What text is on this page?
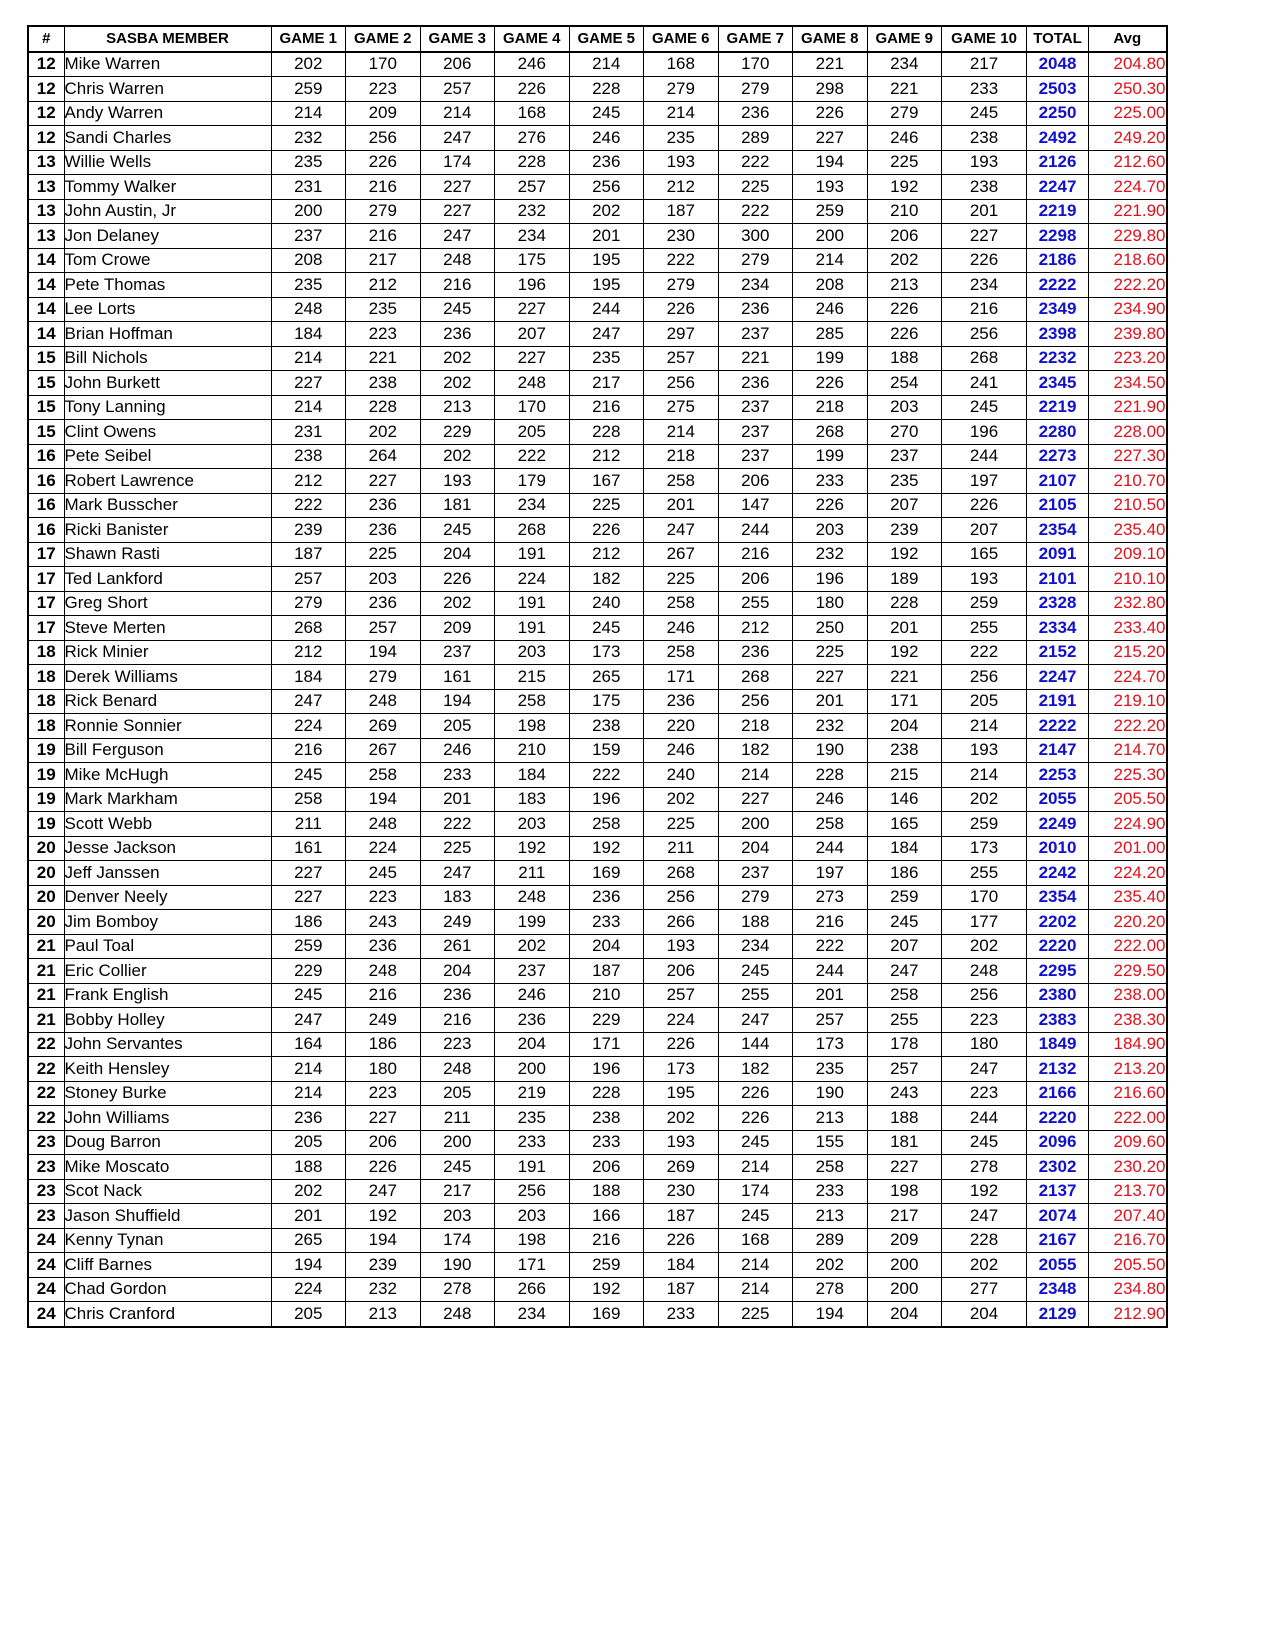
#	SASBA MEMBER	GAME 1	GAME 2	GAME 3	GAME 4	GAME 5	GAME 6	GAME 7	GAME 8	GAME 9	GAME 10	TOTAL	Avg
12	Mike Warren	202	170	206	246	214	168	170	221	234	217	2048	204.80
12	Chris Warren	259	223	257	226	228	279	279	298	221	233	2503	250.30
12	Andy Warren	214	209	214	168	245	214	236	226	279	245	2250	225.00
12	Sandi Charles	232	256	247	276	246	235	289	227	246	238	2492	249.20
13	Willie Wells	235	226	174	228	236	193	222	194	225	193	2126	212.60
13	Tommy Walker	231	216	227	257	256	212	225	193	192	238	2247	224.70
13	John Austin, Jr	200	279	227	232	202	187	222	259	210	201	2219	221.90
13	Jon Delaney	237	216	247	234	201	230	300	200	206	227	2298	229.80
14	Tom Crowe	208	217	248	175	195	222	279	214	202	226	2186	218.60
14	Pete Thomas	235	212	216	196	195	279	234	208	213	234	2222	222.20
14	Lee Lorts	248	235	245	227	244	226	236	246	226	216	2349	234.90
14	Brian Hoffman	184	223	236	207	247	297	237	285	226	256	2398	239.80
15	Bill Nichols	214	221	202	227	235	257	221	199	188	268	2232	223.20
15	John Burkett	227	238	202	248	217	256	236	226	254	241	2345	234.50
15	Tony Lanning	214	228	213	170	216	275	237	218	203	245	2219	221.90
15	Clint Owens	231	202	229	205	228	214	237	268	270	196	2280	228.00
16	Pete Seibel	238	264	202	222	212	218	237	199	237	244	2273	227.30
16	Robert Lawrence	212	227	193	179	167	258	206	233	235	197	2107	210.70
16	Mark Busscher	222	236	181	234	225	201	147	226	207	226	2105	210.50
16	Ricki Banister	239	236	245	268	226	247	244	203	239	207	2354	235.40
17	Shawn Rasti	187	225	204	191	212	267	216	232	192	165	2091	209.10
17	Ted Lankford	257	203	226	224	182	225	206	196	189	193	2101	210.10
17	Greg Short	279	236	202	191	240	258	255	180	228	259	2328	232.80
17	Steve Merten	268	257	209	191	245	246	212	250	201	255	2334	233.40
18	Rick Minier	212	194	237	203	173	258	236	225	192	222	2152	215.20
18	Derek Williams	184	279	161	215	265	171	268	227	221	256	2247	224.70
18	Rick Benard	247	248	194	258	175	236	256	201	171	205	2191	219.10
18	Ronnie Sonnier	224	269	205	198	238	220	218	232	204	214	2222	222.20
19	Bill Ferguson	216	267	246	210	159	246	182	190	238	193	2147	214.70
19	Mike McHugh	245	258	233	184	222	240	214	228	215	214	2253	225.30
19	Mark Markham	258	194	201	183	196	202	227	246	146	202	2055	205.50
19	Scott Webb	211	248	222	203	258	225	200	258	165	259	2249	224.90
20	Jesse Jackson	161	224	225	192	192	211	204	244	184	173	2010	201.00
20	Jeff Janssen	227	245	247	211	169	268	237	197	186	255	2242	224.20
20	Denver Neely	227	223	183	248	236	256	279	273	259	170	2354	235.40
20	Jim Bomboy	186	243	249	199	233	266	188	216	245	177	2202	220.20
21	Paul Toal	259	236	261	202	204	193	234	222	207	202	2220	222.00
21	Eric Collier	229	248	204	237	187	206	245	244	247	248	2295	229.50
21	Frank English	245	216	236	246	210	257	255	201	258	256	2380	238.00
21	Bobby Holley	247	249	216	236	229	224	247	257	255	223	2383	238.30
22	John Servantes	164	186	223	204	171	226	144	173	178	180	1849	184.90
22	Keith Hensley	214	180	248	200	196	173	182	235	257	247	2132	213.20
22	Stoney Burke	214	223	205	219	228	195	226	190	243	223	2166	216.60
22	John Williams	236	227	211	235	238	202	226	213	188	244	2220	222.00
23	Doug Barron	205	206	200	233	233	193	245	155	181	245	2096	209.60
23	Mike Moscato	188	226	245	191	206	269	214	258	227	278	2302	230.20
23	Scot Nack	202	247	217	256	188	230	174	233	198	192	2137	213.70
23	Jason Shuffield	201	192	203	203	166	187	245	213	217	247	2074	207.40
24	Kenny Tynan	265	194	174	198	216	226	168	289	209	228	2167	216.70
24	Cliff Barnes	194	239	190	171	259	184	214	202	200	202	2055	205.50
24	Chad Gordon	224	232	278	266	192	187	214	278	200	277	2348	234.80
24	Chris Cranford	205	213	248	234	169	233	225	194	204	204	2129	212.90
